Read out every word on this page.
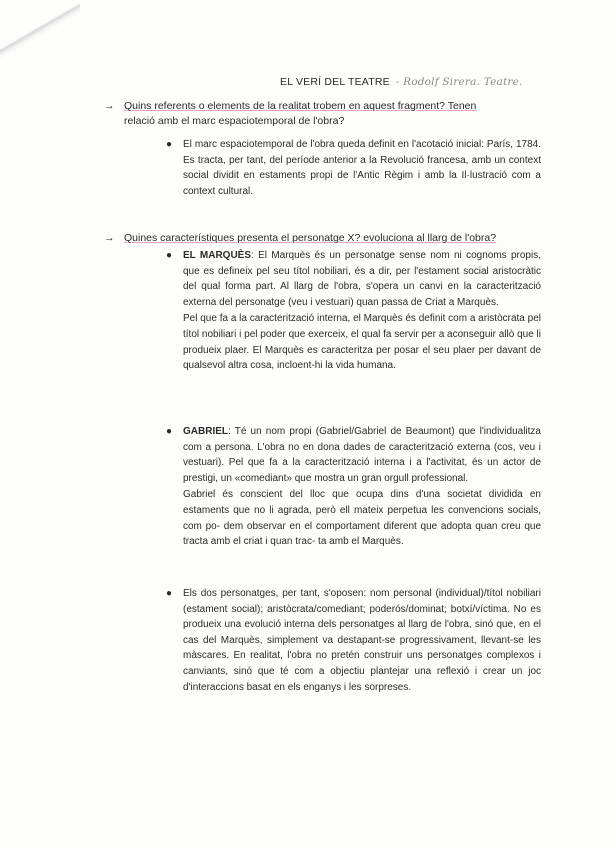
EL VERÍ DEL TEATRE - Rodolf Sirera. Teatre.
→ Quins referents o elements de la realitat trobem en aquest fragment? Tenen
relació amb el marc espaciotemporal de l'obra?
● El marc espaciotemporal de l'obra queda definit en l'acotació inicial: París, 1784. Es tracta, per tant, del període anterior a la Revolució francesa, amb un context social dividit en estaments propi de l'Antic Règim i amb la Il·lustració com a context cultural.

→ Quines característiques presenta el personatge X? evoluciona al llarg de l'obra?
● EL MARQUÈS: El Marquès és un personatge sense nom ni cognoms propis, que es defineix pel seu títol nobiliari, és a dir, per l'estament social aristocràtic del qual forma part. Al llarg de l'obra, s'opera un canvi en la caracterització externa del personatge (veu i vestuari) quan passa de Criat a Marquès.

Pel que fa a la caracterització interna, el Marquès és definit com a aristòcrata pel títol nobiliari i pel poder que exerceix, el qual fa servir per a aconseguir allò que li produeix plaer. El Marquès es caracteritza per posar el seu plaer per davant de qualsevol altra cosa, incloent-hi la vida humana.

● GABRIEL: Té un nom propi (Gabriel/Gabriel de Beaumont) que l'individualitza com a persona. L'obra no en dona dades de caracterització externa (cos, veu i vestuari). Pel que fa a la caracterització interna i a l'activitat, és un actor de prestigi, un «comediant» que mostra un gran orgull professional.

Gabriel és conscient del lloc que ocupa dins d'una societat dividida en estaments que no li agrada, però ell mateix perpetua les convencions socials, com po- dem observar en el comportament diferent que adopta quan creu que tracta amb el criat i quan trac- ta amb el Marquès.

● Els dos personatges, per tant, s'oposen: nom personal (individual)/títol nobiliari (estament social); aristòcrata/comediant; poderós/dominat; botxí/víctima. No es produeix una evolució interna dels personatges al llarg de l'obra, sinó que, en el cas del Marquès, simplement va destapant-se progressivament, llevant-se les màscares. En realitat, l'obra no pretén construir uns personatges complexos i canviants, sinó que té com a objectiu plantejar una reflexió i crear un joc d'interaccions basat en els enganys i les sorpreses.
